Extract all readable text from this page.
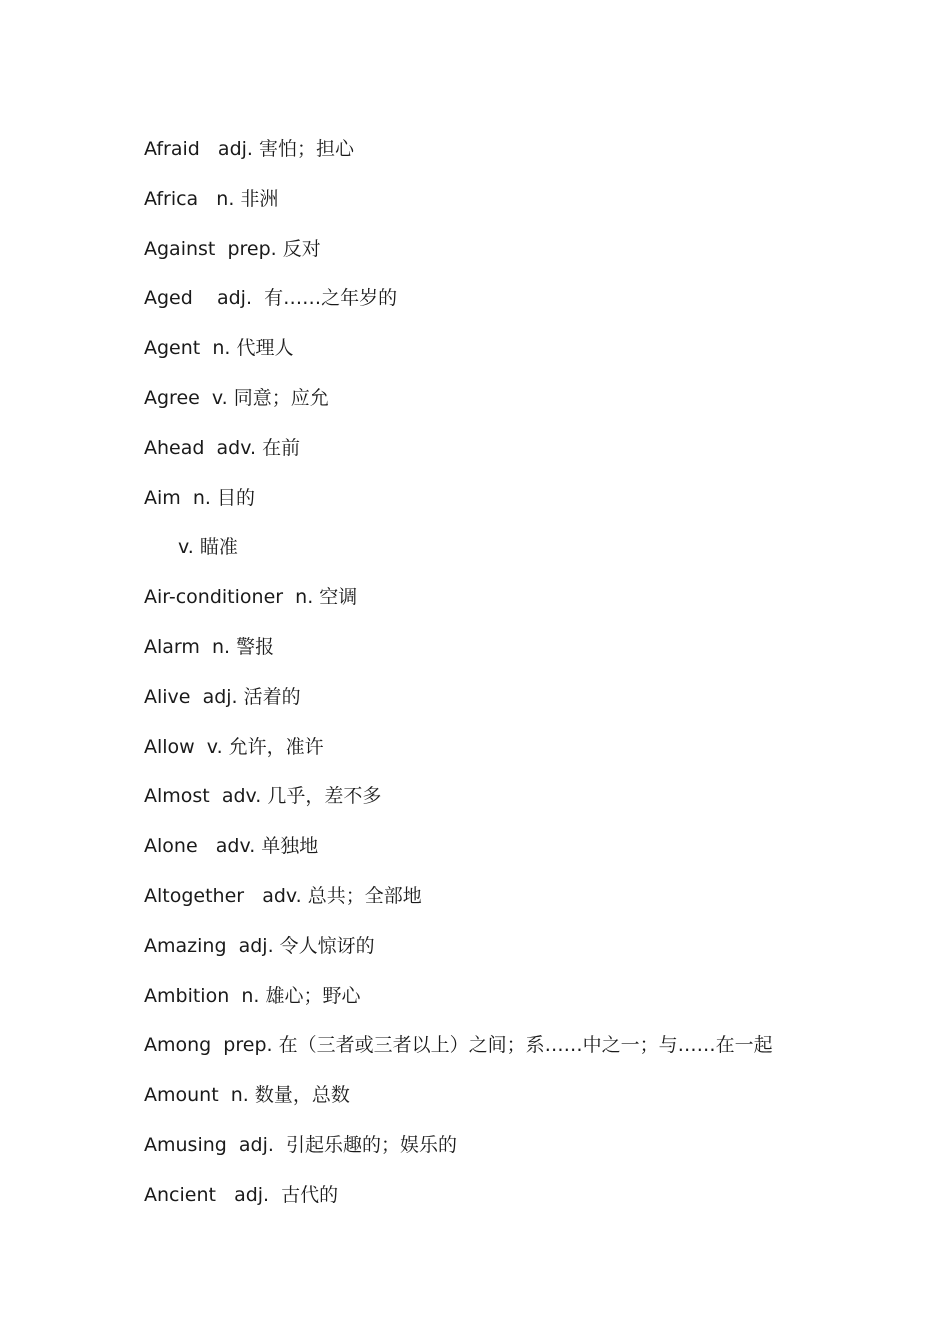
Afraid   adj. 害怕；担心
Africa   n. 非洲
Against  prep. 反对
Aged    adj.  有……之年岁的
Agent  n. 代理人
Agree  v. 同意；应允
Ahead  adv. 在前
Aim  n. 目的
v. 瞄准
Air-conditioner  n. 空调
Alarm  n. 警报
Alive  adj. 活着的
Allow  v. 允许，准许
Almost  adv. 几乎，差不多
Alone   adv. 单独地
Altogether   adv. 总共；全部地
Amazing  adj. 令人惊讶的
Ambition  n. 雄心；野心
Among  prep. 在（三者或三者以上）之间；系……中之一；与……在一起
Amount  n. 数量，总数
Amusing  adj.  引起乐趣的；娱乐的
Ancient   adj.  古代的
